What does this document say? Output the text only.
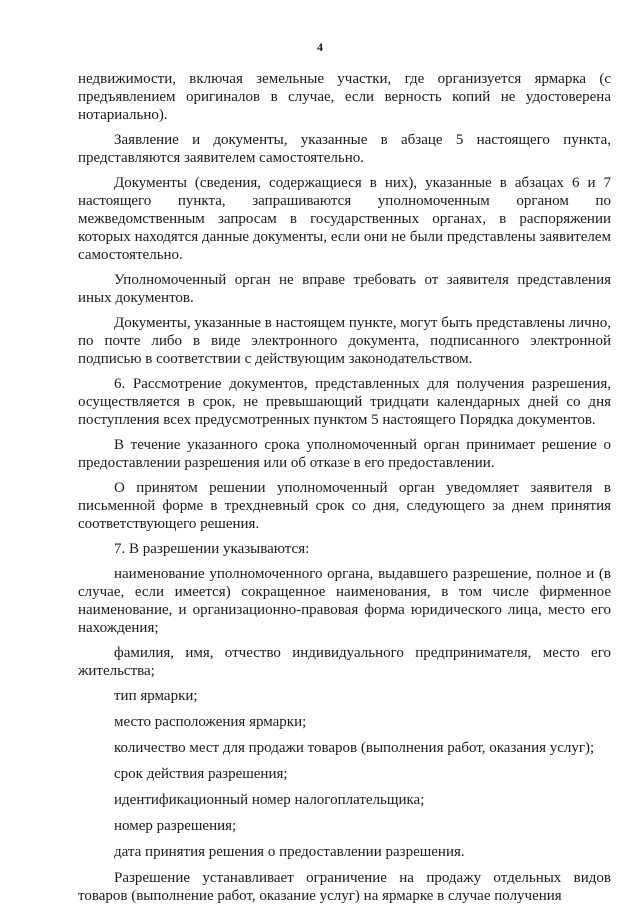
4

недвижимости, включая земельные участки, где организуется ярмарка (с предъявлением оригиналов в случае, если верность копий не удостоверена нотариально).

Заявление и документы, указанные в абзаце 5 настоящего пункта, представляются заявителем самостоятельно.

Документы (сведения, содержащиеся в них), указанные в абзацах 6 и 7 настоящего пункта, запрашиваются уполномоченным органом по межведомственным запросам в государственных органах, в распоряжении которых находятся данные документы, если они не были представлены заявителем самостоятельно.

Уполномоченный орган не вправе требовать от заявителя представления иных документов.

Документы, указанные в настоящем пункте, могут быть представлены лично, по почте либо в виде электронного документа, подписанного электронной подписью в соответствии с действующим законодательством.

6. Рассмотрение документов, представленных для получения разрешения, осуществляется в срок, не превышающий тридцати календарных дней со дня поступления всех предусмотренных пунктом 5 настоящего Порядка документов.

В течение указанного срока уполномоченный орган принимает решение о предоставлении разрешения или об отказе в его предоставлении.

О принятом решении уполномоченный орган уведомляет заявителя в письменной форме в трехдневный срок со дня, следующего за днем принятия соответствующего решения.

7. В разрешении указываются:

наименование уполномоченного органа, выдавшего разрешение, полное и (в случае, если имеется) сокращенное наименования, в том числе фирменное наименование, и организационно-правовая форма юридического лица, место его нахождения;

фамилия, имя, отчество индивидуального предпринимателя, место его жительства;

тип ярмарки;

место расположения ярмарки;

количество мест для продажи товаров (выполнения работ, оказания услуг);

срок действия разрешения;

идентификационный номер налогоплательщика;

номер разрешения;

дата принятия решения о предоставлении разрешения.

Разрешение устанавливает ограничение на продажу отдельных видов товаров (выполнение работ, оказание услуг) на ярмарке в случае получения
